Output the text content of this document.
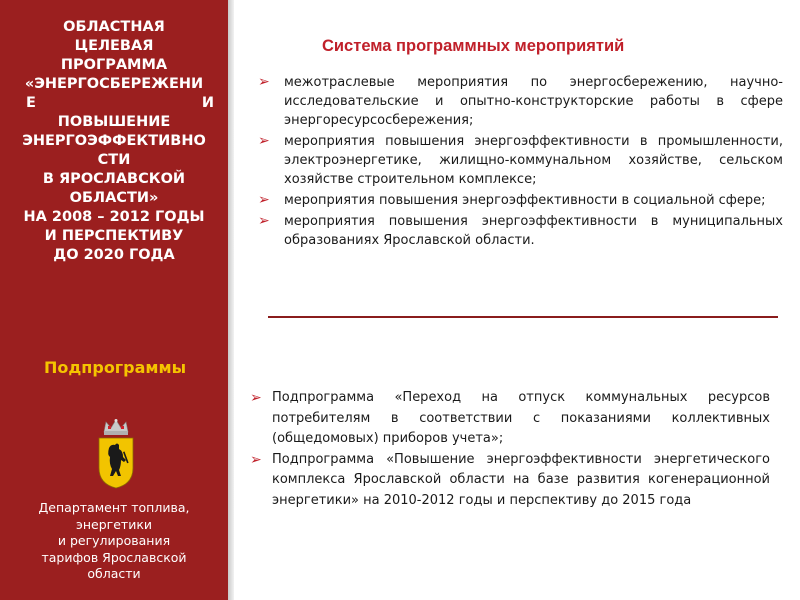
ОБЛАСТНАЯ
ЦЕЛЕВАЯ
ПРОГРАММА
«ЭНЕРГОСБЕРЕЖЕНИ
Е	И
ПОВЫШЕНИЕ
ЭНЕРГОЭФФЕКТИВНО
СТИ
В ЯРОСЛАВСКОЙ
ОБЛАСТИ»
НА 2008 – 2012 ГОДЫ
И ПЕРСПЕКТИВУ
ДО 2020 ГОДА
Подпрограммы
Департамент топлива,
энергетики
и регулирования
тарифов Ярославской
области
Система программных мероприятий
➢ межотраслевые мероприятия по энергосбережению, научно-исследовательские и опытно-конструкторские работы в сфере энергоресурсосбережения;
➢ мероприятия повышения энергоэффективности в промышленности, электроэнергетике, жилищно-коммунальном хозяйстве, сельском хозяйстве строительном комплексе;
➢ мероприятия повышения энергоэффективности в социальной сфере;
➢ мероприятия повышения энергоэффективности в муниципальных образованиях Ярославской области.
➢ Подпрограмма «Переход на отпуск коммунальных ресурсов потребителям в соответствии с показаниями коллективных (общедомовых) приборов учета»;
➢ Подпрограмма «Повышение энергоэффективности энергетического комплекса Ярославской области на базе развития когенерационной энергетики» на 2010-2012 годы и перспективу до 2015 года
